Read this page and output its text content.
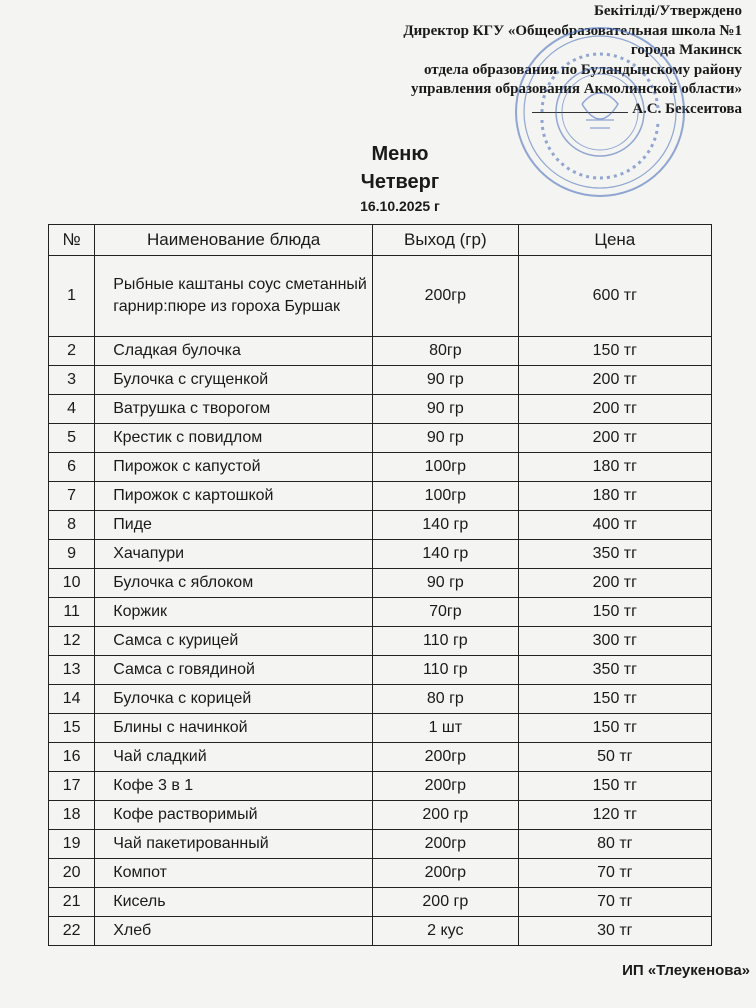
Бекітілді/Утверждено
Директор КГУ «Общеобразовательная школа №1
города Макинск
отдела образования по Буландынскому району
управления образования Акмолинской области»
А.С. Бексеитова
Меню
Четверг
16.10.2025 г
№	Наименование блюда	Выход (гр)	Цена
1	Рыбные каштаны соус сметанный гарнир:пюре из гороха Буршак	200гр	600 тг
2	Сладкая булочка	80гр	150 тг
3	Булочка с сгущенкой	90 гр	200 тг
4	Ватрушка с творогом	90 гр	200 тг
5	Крестик с повидлом	90 гр	200 тг
6	Пирожок с капустой	100гр	180 тг
7	Пирожок с картошкой	100гр	180 тг
8	Пиде	140 гр	400 тг
9	Хачапури	140 гр	350 тг
10	Булочка с яблоком	90 гр	200 тг
11	Коржик	70гр	150 тг
12	Самса с курицей	110 гр	300 тг
13	Самса с говядиной	110 гр	350 тг
14	Булочка с корицей	80 гр	150 тг
15	Блины с начинкой	1 шт	150 тг
16	Чай сладкий	200гр	50 тг
17	Кофе 3 в 1	200гр	150 тг
18	Кофе растворимый	200 гр	120 тг
19	Чай пакетированный	200гр	80 тг
20	Компот	200гр	70 тг
21	Кисель	200 гр	70 тг
22	Хлеб	2 кус	30 тг
ИП «Тлеукенова»
